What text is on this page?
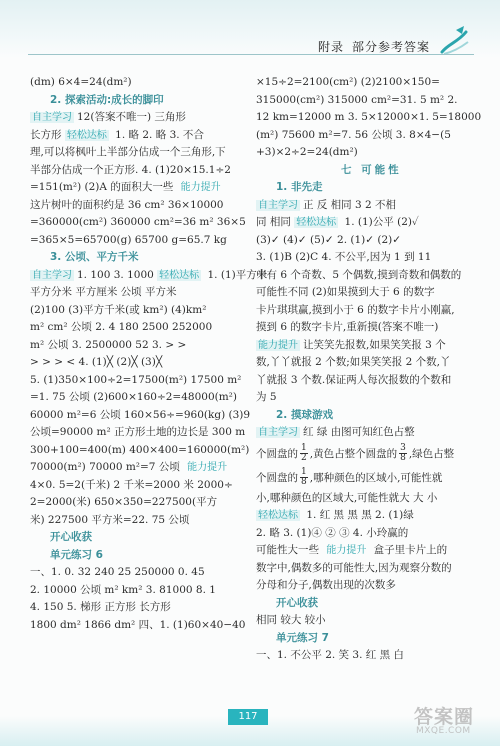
附录 部分参考答案
(dm) 6×4=24(dm²)
2. 探索活动:成长的脚印
自主学习 12(答案不唯一) 三角形
长方形 轻松达标 1. 略 2. 略 3. 不合
理,可以将枫叶上半部分估成一个三角形,下
半部分估成一个正方形. 4. (1)20×15.1÷2
=151(m²) (2)A 的面积大一些 能力提升
这片树叶的面积约是 36 cm² 36×10000
=360000(cm²) 360000 cm²=36 m² 36×5
=365×5=65700(g) 65700 g=65.7 kg
3. 公顷、平方千米
自主学习 1. 100 3. 1000 轻松达标 1. (1)平方米
平方分米 平方厘米 公顷 平方米
(2)100 (3)平方千米(或 km²) (4)km²
m² cm² 公顷 2. 4 180 2500 252000
m² 公顷 3. 2500000 52 3. > >
> > > < 4. (1)╳ (2)╳ (3)╳
5. (1)350×100÷2=17500(m²) 17500 m²
=1. 75 公顷 (2)600×160÷2=48000(m²)
60000 m²=6 公顷 160×56÷=960(kg) (3)9
公顷=90000 m² 正方形土地的边长是 300 m
300+100=400(m) 400×400=160000(m²)
70000(m²) 70000 m²=7 公顷 能力提升
4×0. 5=2(千米) 2 千米=2000 米 2000÷
2=2000(米) 650×350=227500(平方
米) 227500 平方米=22. 75 公顷
开心收获
单元练习 6
一、1. 0. 32 240 25 250000 0. 45
2. 10000 公顷 m² km² 3. 81000 8. 1
4. 150 5. 梯形 正方形 长方形
1800 dm² 1866 dm² 四、1. (1)60×40−40
×15÷2=2100(cm²) (2)2100×150=
315000(cm²) 315000 cm²=31. 5 m² 2.
12 km=12000 m 3. 5×12000×1. 5=18000
(m²) 75600 m²=7. 56 公顷 3. 8×4−(5
+3)×2÷2=24(dm²)
七 可能性
1. 非先走
自主学习 正 反 相同 3 2 不相
同 相同 轻松达标 1. (1)公平 (2)✓
(3)✓ (4)✓ (5)✓ 2. (1)✓ (2)✓
3. (1)B (2)C 4. 不公平,因为 1 到 11
中有 6 个奇数、5 个偶数,摸到奇数和偶数的
可能性不同 (2)如果摸到大于 6 的数字
卡片琪琪赢,摸到小于 6 的数字卡片小刚赢,
摸到 6 的数字卡片,重新摸(答案不唯一)
能力提升 让笑笑先报数,如果笑笑报 3 个
数,丫丫就报 2 个数;如果笑笑报 2 个数,丫
丫就报 3 个数.保证两人每次报数的个数和
为 5
2. 摸球游戏
自主学习 红 绿 由图可知红色占整
个圆盘的 $\frac{1}{2}$ ,黄色占整个圆盘的 $\frac{3}{8}$ ,绿色占整
个圆盘的 $\frac{1}{8}$ ,哪种颜色的区域小,可能性就
小,哪种颜色的区域大,可能性就大 大 小
轻松达标 1. 红 黑 黑 黑 2. (1)绿
2. 略 3. (1)④ ② ③ 4. 小玲赢的
可能性大一些 能力提升 盒子里卡片上的
数字中,偶数多的可能性大,因为观察分数的
分母和分子,偶数出现的次数多
开心收获
相同 较大 较小
单元练习 7
一、1. 不公平 2. 笑 3. 红 黑 白
117	答案圈
MXQE.COM
